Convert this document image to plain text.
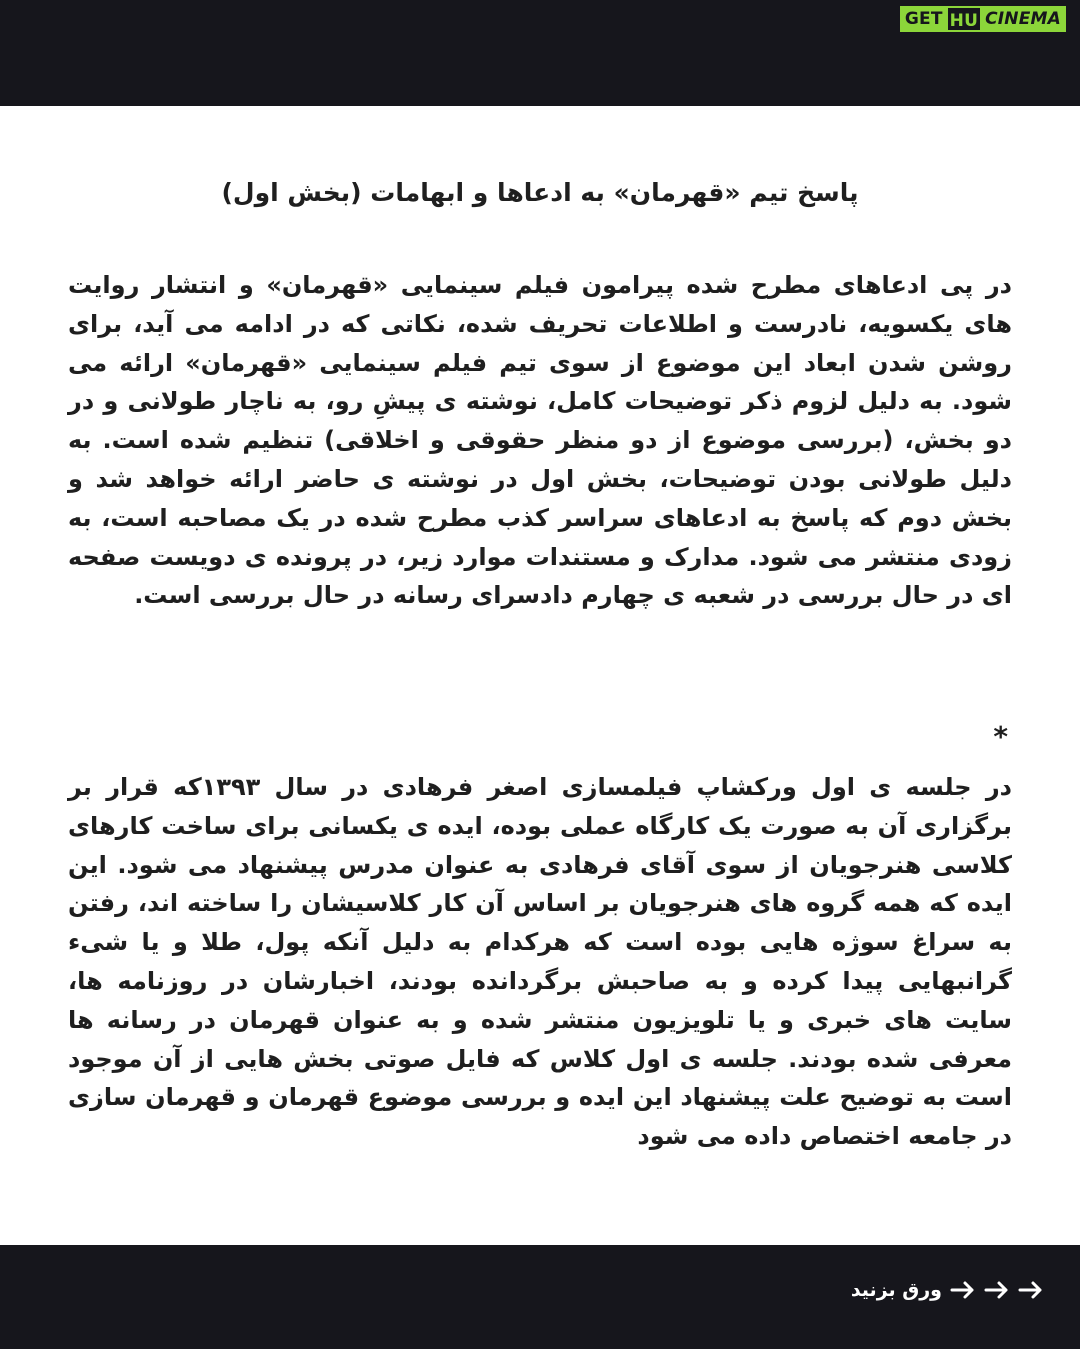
GET HU CINEMA
پاسخ تیم «قهرمان» به ادعاها و ابهامات (بخش اول)

در پی ادعاهای مطرح شده پیرامون فیلم سینمایی «قهرمان» و انتشار روایت های یکسویه، نادرست و اطلاعات تحریف شده، نکاتی که در ادامه می آید، برای روشن شدن ابعاد این موضوع از سوی تیم فیلم سینمایی «قهرمان» ارائه می شود. به دلیل لزوم ذکر توضیحات کامل، نوشته ی پیشِ رو، به ناچار طولانی و در دو بخش، (بررسی موضوع از دو منظر حقوقی و اخلاقی) تنظیم شده است. به دلیل طولانی بودن توضیحات، بخش اول در نوشته ی حاضر ارائه خواهد شد و بخش دوم که پاسخ به ادعاهای سراسر کذب مطرح شده در یک مصاحبه است، به زودی منتشر می شود. مدارک و مستندات موارد زیر، در پرونده ی دویست صفحه ای در حال بررسی در شعبه ی چهارم دادسرای رسانه در حال بررسی است.

*

در جلسه ی اول ورکشاپ فیلمسازی اصغر فرهادی در سال ۱۳۹۳که قرار بر برگزاری آن به صورت یک کارگاه عملی بوده، ایده ی یکسانی برای ساخت کارهای کلاسی هنرجویان از سوی آقای فرهادی به عنوان مدرس پیشنهاد می شود. این ایده که همه گروه های هنرجویان بر اساس آن کار کلاسیشان را ساخته اند، رفتن به سراغ سوژه هایی بوده است که هرکدام به دلیل آنکه پول، طلا و یا شیء گرانبهایی پیدا کرده و به صاحبش برگردانده بودند، اخبارشان در روزنامه ها، سایت های خبری و یا تلویزیون منتشر شده و به عنوان قهرمان در رسانه ها معرفی شده بودند. جلسه ی اول کلاس که فایل صوتی بخش هایی از آن موجود است به توضیح علت پیشنهاد این ایده و بررسی موضوع قهرمان و قهرمان سازی در جامعه اختصاص داده می شود

ورق بزنید
